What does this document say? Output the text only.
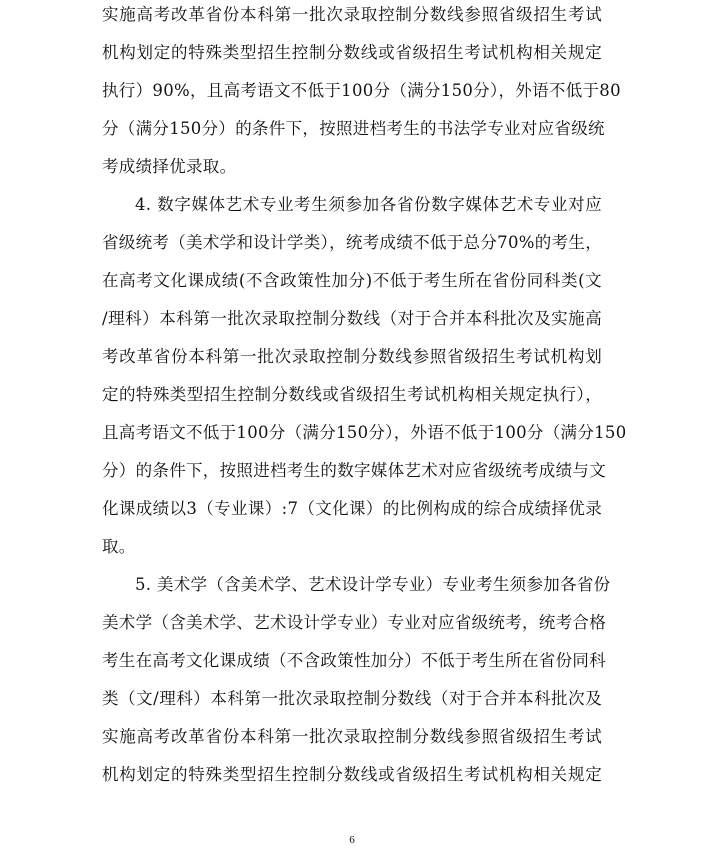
实施高考改革省份本科第一批次录取控制分数线参照省级招生考试
机构划定的特殊类型招生控制分数线或省级招生考试机构相关规定
执行）90%，且高考语文不低于100分（满分150分），外语不低于80
分（满分150分）的条件下，按照进档考生的书法学专业对应省级统
考成绩择优录取。
4. 数字媒体艺术专业考生须参加各省份数字媒体艺术专业对应
省级统考（美术学和设计学类），统考成绩不低于总分70%的考生，
在高考文化课成绩(不含政策性加分)不低于考生所在省份同科类(文
/理科）本科第一批次录取控制分数线（对于合并本科批次及实施高
考改革省份本科第一批次录取控制分数线参照省级招生考试机构划
定的特殊类型招生控制分数线或省级招生考试机构相关规定执行），
且高考语文不低于100分（满分150分），外语不低于100分（满分150
分）的条件下，按照进档考生的数字媒体艺术对应省级统考成绩与文
化课成绩以3（专业课）:7（文化课）的比例构成的综合成绩择优录
取。
5. 美术学（含美术学、艺术设计学专业）专业考生须参加各省份
美术学（含美术学、艺术设计学专业）专业对应省级统考，统考合格
考生在高考文化课成绩（不含政策性加分）不低于考生所在省份同科
类（文/理科）本科第一批次录取控制分数线（对于合并本科批次及
实施高考改革省份本科第一批次录取控制分数线参照省级招生考试
机构划定的特殊类型招生控制分数线或省级招生考试机构相关规定
6
